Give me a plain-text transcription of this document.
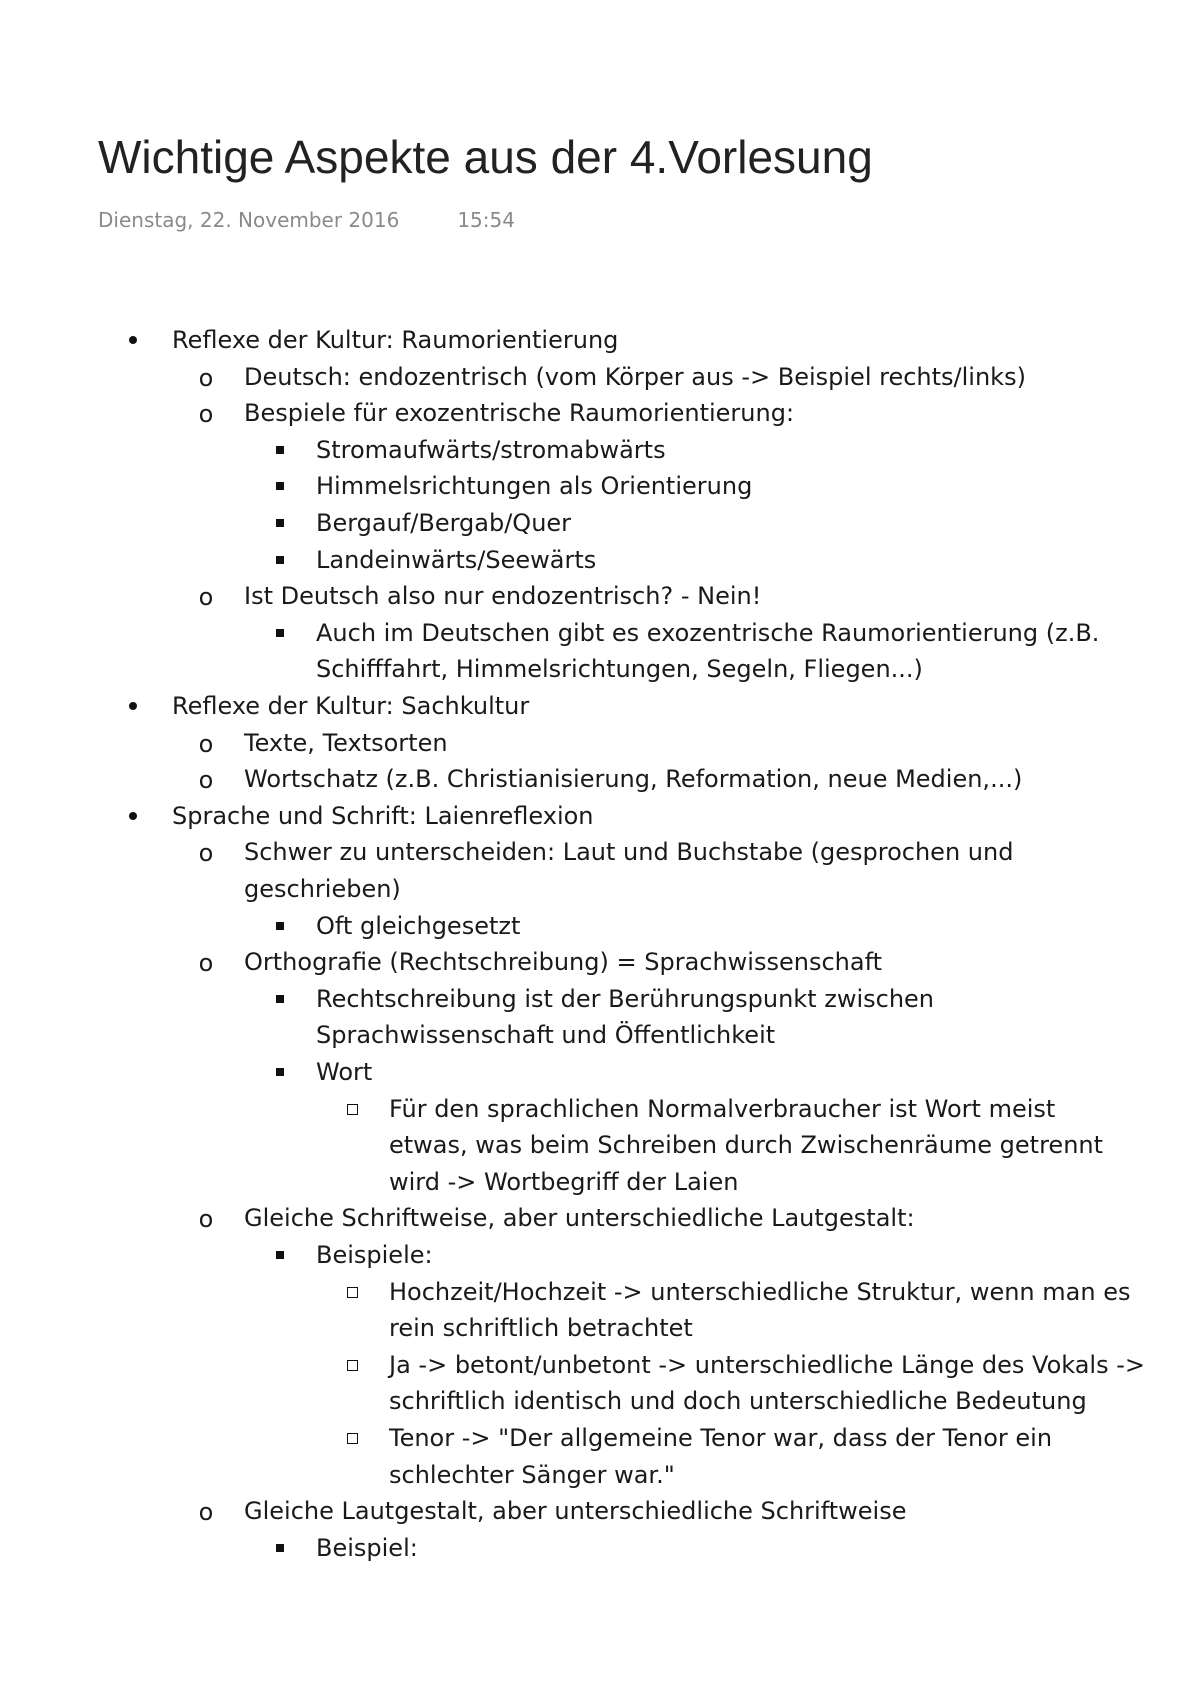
Wichtige Aspekte aus der 4.Vorlesung
Dienstag, 22. November 2016	15:54
Reflexe der Kultur: Raumorientierung
o Deutsch: endozentrisch (vom Körper aus -> Beispiel rechts/links)
o Bespiele für exozentrische Raumorientierung:
Stromaufwärts/stromabwärts
Himmelsrichtungen als Orientierung
Bergauf/Bergab/Quer
Landeinwärts/Seewärts
o Ist Deutsch also nur endozentrisch? - Nein!
Auch im Deutschen gibt es exozentrische Raumorientierung (z.B.
Schifffahrt, Himmelsrichtungen, Segeln, Fliegen...)
Reflexe der Kultur: Sachkultur
o Texte, Textsorten
o Wortschatz (z.B. Christianisierung, Reformation, neue Medien,...)
Sprache und Schrift: Laienreflexion
o Schwer zu unterscheiden: Laut und Buchstabe (gesprochen und
geschrieben)
Oft gleichgesetzt
o Orthografie (Rechtschreibung) = Sprachwissenschaft
Rechtschreibung ist der Berührungspunkt zwischen
Sprachwissenschaft und Öffentlichkeit
Wort
Für den sprachlichen Normalverbraucher ist Wort meist
etwas, was beim Schreiben durch Zwischenräume getrennt
wird -> Wortbegriff der Laien
o Gleiche Schriftweise, aber unterschiedliche Lautgestalt:
Beispiele:
Hochzeit/Hochzeit -> unterschiedliche Struktur, wenn man es
rein schriftlich betrachtet
Ja -> betont/unbetont -> unterschiedliche Länge des Vokals ->
schriftlich identisch und doch unterschiedliche Bedeutung
Tenor -> "Der allgemeine Tenor war, dass der Tenor ein
schlechter Sänger war."
o Gleiche Lautgestalt, aber unterschiedliche Schriftweise
Beispiel:
